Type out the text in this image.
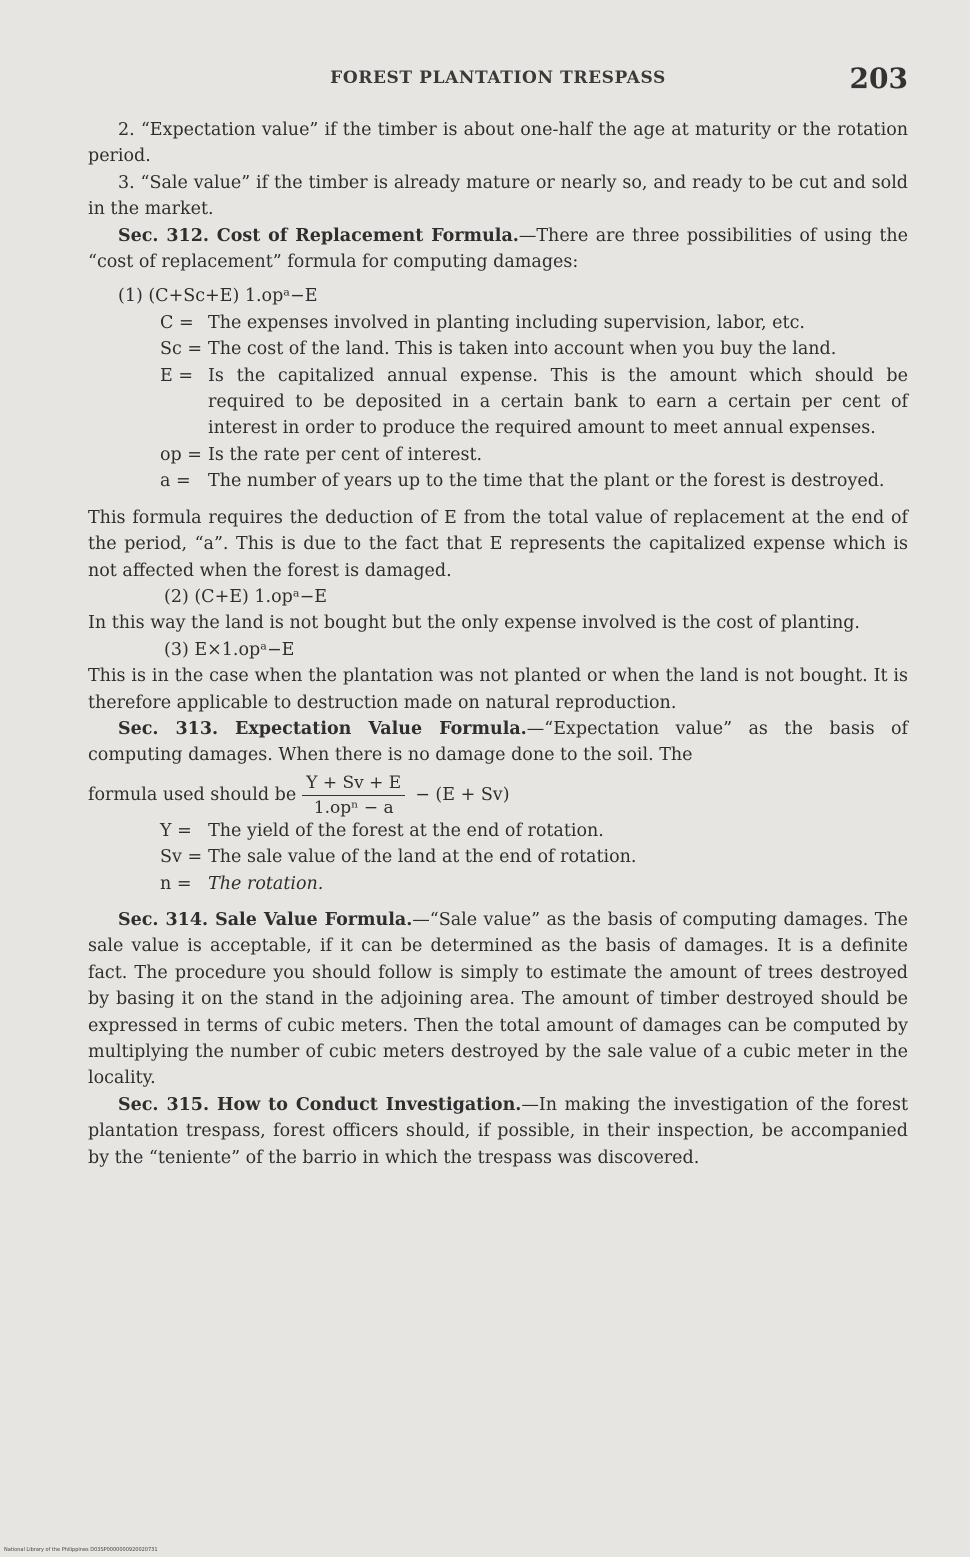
FOREST PLANTATION TRESPASS	203

2. “Expectation value” if the timber is about one-half the age at maturity or the rotation period.

3. “Sale value” if the timber is already mature or nearly so, and ready to be cut and sold in the market.

Sec. 312. Cost of Replacement Formula.—There are three possibilities of using the “cost of replacement” formula for computing damages:

(1) (C+Sc+E) 1.opᵃ−E
C = The expenses involved in planting including supervision, labor, etc.
Sc = The cost of the land. This is taken into account when you buy the land.
E = Is the capitalized annual expense. This is the amount which should be required to be deposited in a certain bank to earn a certain per cent of interest in order to produce the required amount to meet annual expenses.
op = Is the rate per cent of interest.
a = The number of years up to the time that the plant or the forest is destroyed.

This formula requires the deduction of E from the total value of replacement at the end of the period, “a”. This is due to the fact that E represents the capitalized expense which is not affected when the forest is damaged.

(2) (C+E) 1.opᵃ−E

In this way the land is not bought but the only expense involved is the cost of planting.

(3) E×1.opᵃ−E

This is in the case when the plantation was not planted or when the land is not bought. It is therefore applicable to destruction made on natural reproduction.

Sec. 313. Expectation Value Formula.—“Expectation value” as the basis of computing damages. When there is no damage done to the soil. The

formula used should be $\frac{Y + Sv + E}{\text{1.opⁿ − a}} - (E + Sv)$
Y = The yield of the forest at the end of rotation.
Sv = The sale value of the land at the end of rotation.
n = The rotation.

Sec. 314. Sale Value Formula.—“Sale value” as the basis of computing damages. The sale value is acceptable, if it can be determined as the basis of damages. It is a definite fact. The procedure you should follow is simply to estimate the amount of trees destroyed by basing it on the stand in the adjoining area. The amount of timber destroyed should be expressed in terms of cubic meters. Then the total amount of damages can be computed by multiplying the number of cubic meters destroyed by the sale value of a cubic meter in the locality.

Sec. 315. How to Conduct Investigation.—In making the investigation of the forest plantation trespass, forest officers should, if possible, in their inspection, be accompanied by the “teniente” of the barrio in which the trespass was discovered.

National Library of the Philippines D03SP0000000920020731
